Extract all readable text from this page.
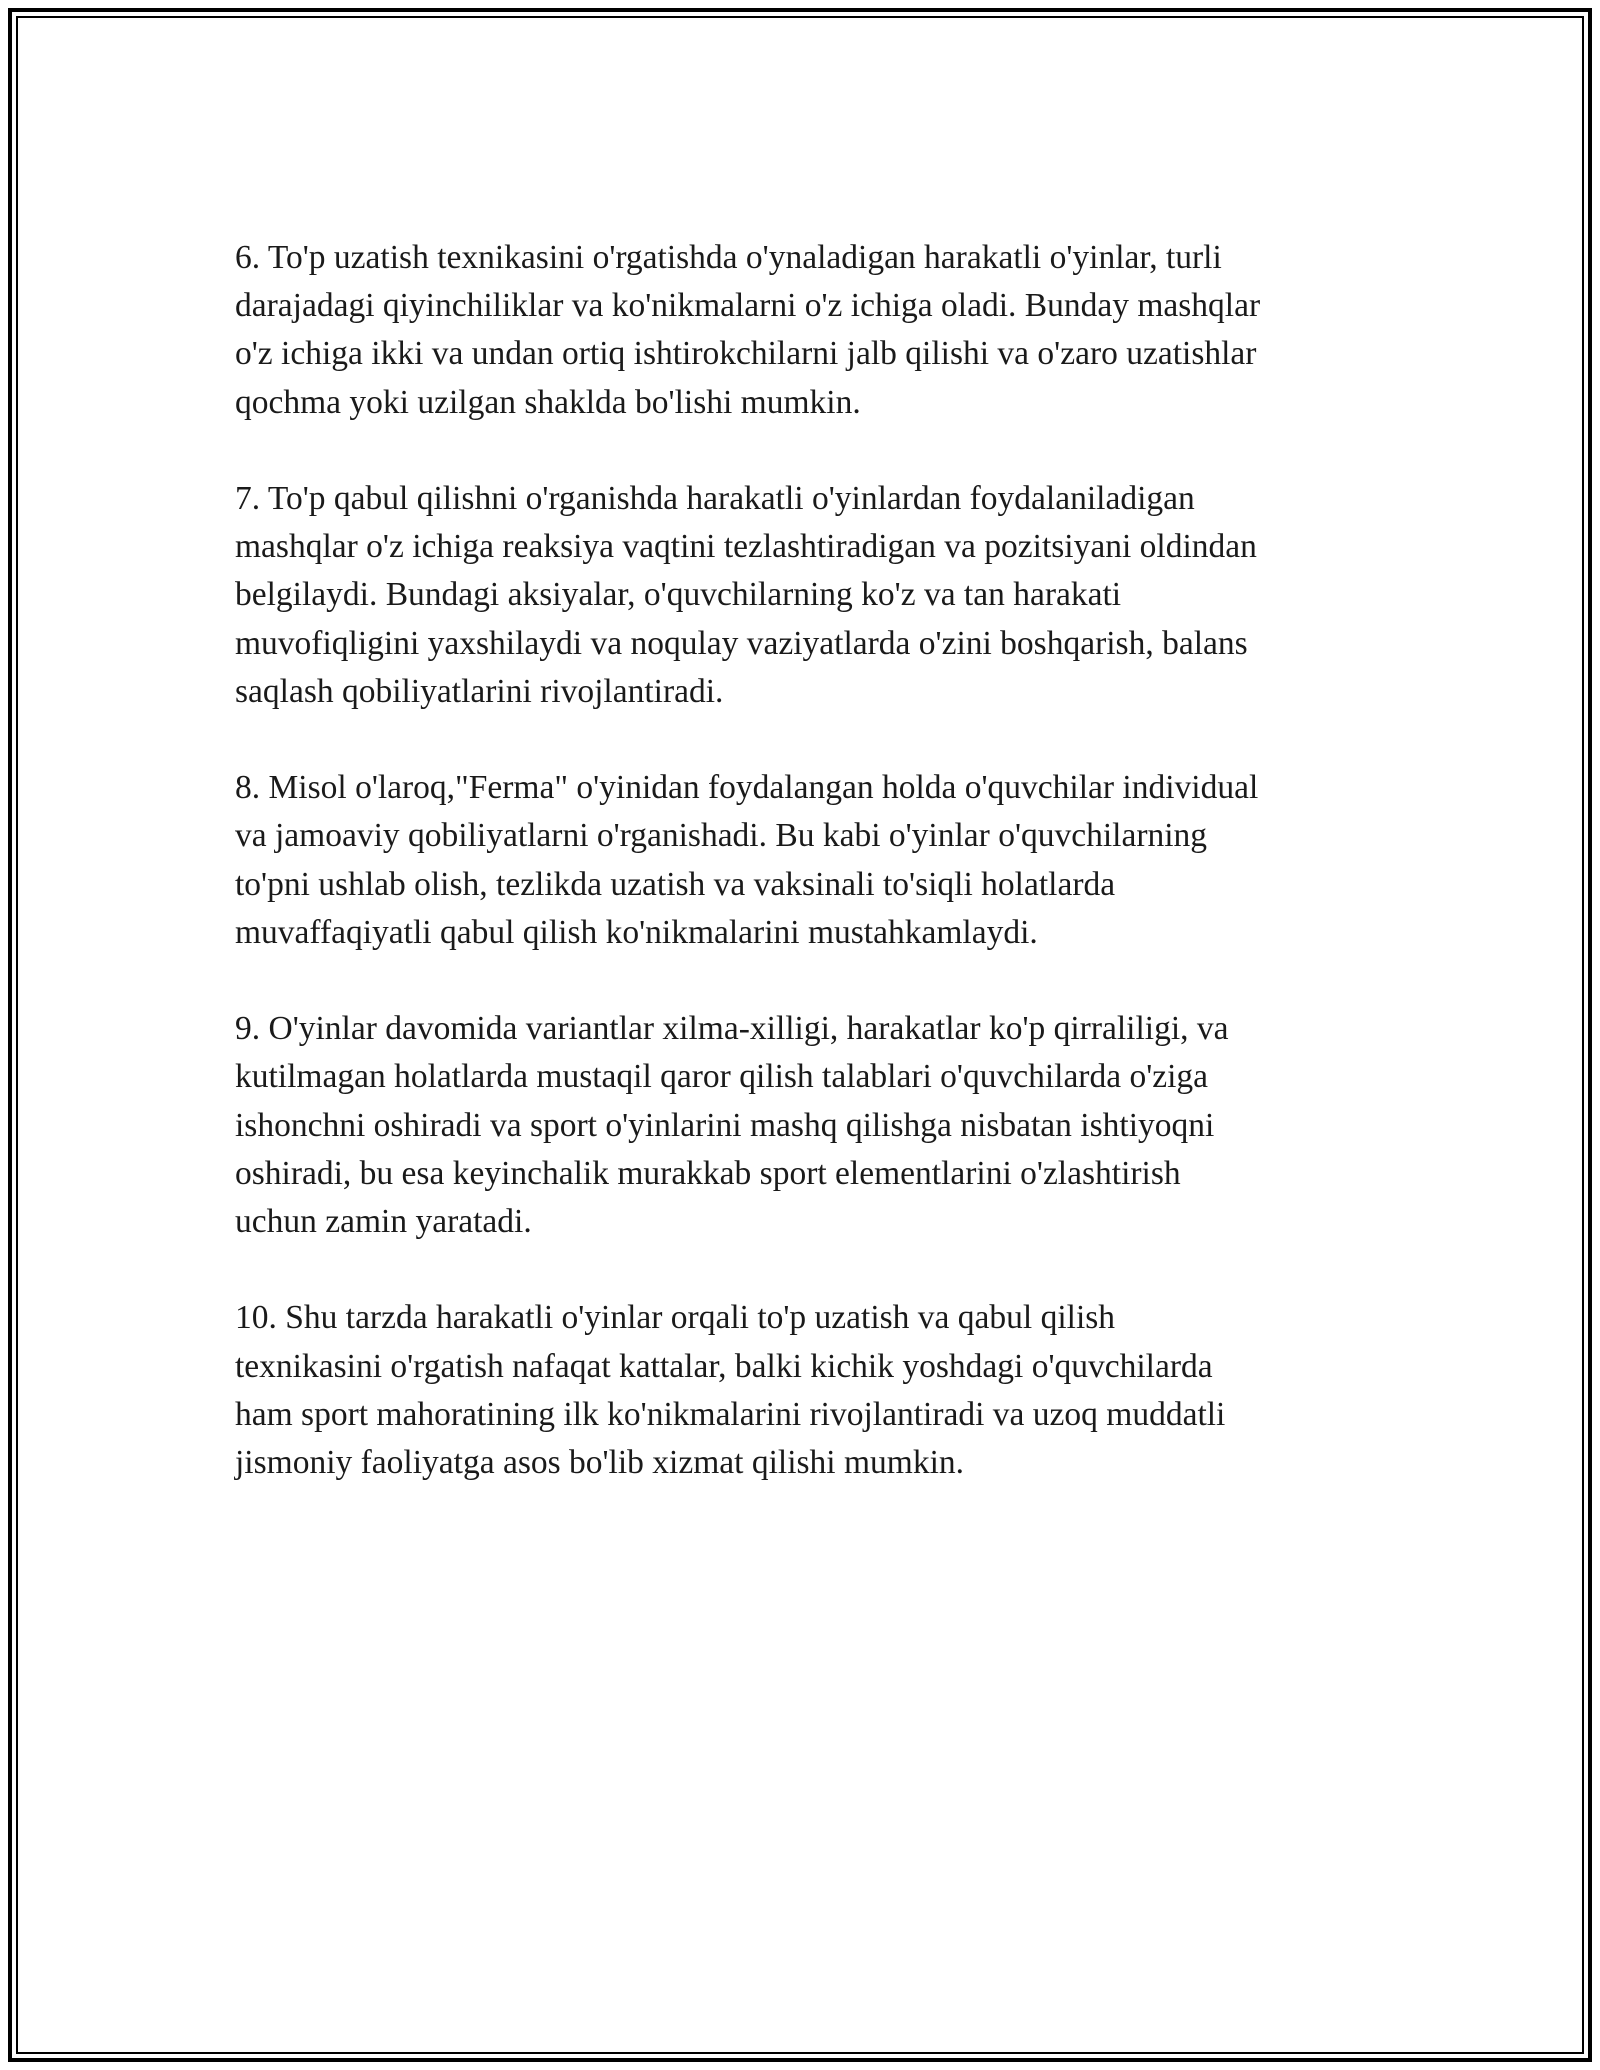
6. To'p uzatish texnikasini o'rgatishda o'ynaladigan harakatli o'yinlar, turli
darajadagi qiyinchiliklar va ko'nikmalarni o'z ichiga oladi. Bunday mashqlar
o'z ichiga ikki va undan ortiq ishtirokchilarni jalb qilishi va o'zaro uzatishlar
qochma yoki uzilgan shaklda bo'lishi mumkin.

7. To'p qabul qilishni o'rganishda harakatli o'yinlardan foydalaniladigan
mashqlar o'z ichiga reaksiya vaqtini tezlashtiradigan va pozitsiyani oldindan
belgilaydi. Bundagi aksiyalar, o'quvchilarning ko'z va tan harakati
muvofiqligini yaxshilaydi va noqulay vaziyatlarda o'zini boshqarish, balans
saqlash qobiliyatlarini rivojlantiradi.

8. Misol o'laroq,"Ferma" o'yinidan foydalangan holda o'quvchilar individual
va jamoaviy qobiliyatlarni o'rganishadi. Bu kabi o'yinlar o'quvchilarning
to'pni ushlab olish, tezlikda uzatish va vaksinali to'siqli holatlarda
muvaffaqiyatli qabul qilish ko'nikmalarini mustahkamlaydi.

9. O'yinlar davomida variantlar xilma-xilligi, harakatlar ko'p qirraliligi, va
kutilmagan holatlarda mustaqil qaror qilish talablari o'quvchilarda o'ziga
ishonchni oshiradi va sport o'yinlarini mashq qilishga nisbatan ishtiyoqni
oshiradi, bu esa keyinchalik murakkab sport elementlarini o'zlashtirish
uchun zamin yaratadi.

10. Shu tarzda harakatli o'yinlar orqali to'p uzatish va qabul qilish
texnikasini o'rgatish nafaqat kattalar, balki kichik yoshdagi o'quvchilarda
ham sport mahoratining ilk ko'nikmalarini rivojlantiradi va uzoq muddatli
jismoniy faoliyatga asos bo'lib xizmat qilishi mumkin.
